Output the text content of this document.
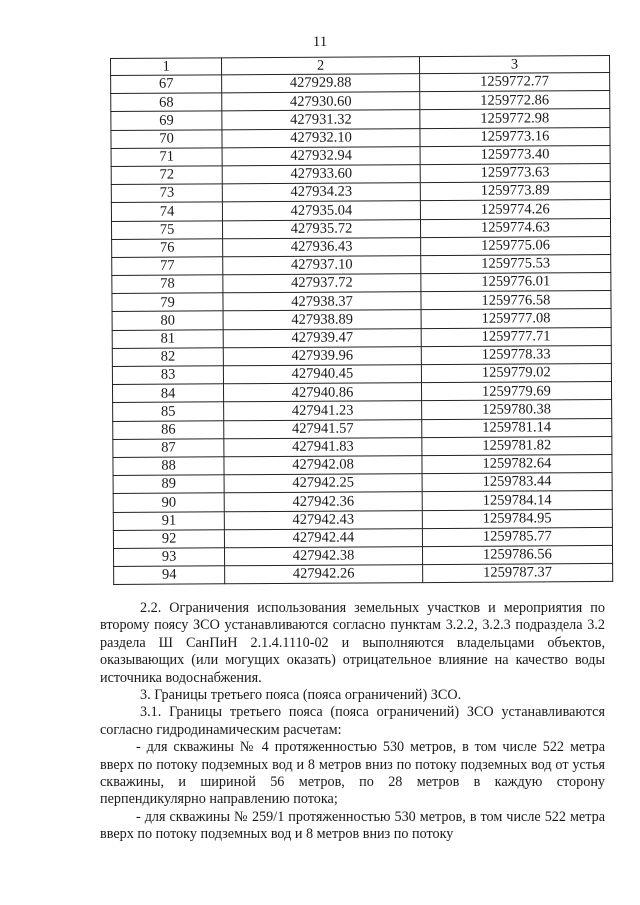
11
1	2	3
67	427929.88	1259772.77
68	427930.60	1259772.86
69	427931.32	1259772.98
70	427932.10	1259773.16
71	427932.94	1259773.40
72	427933.60	1259773.63
73	427934.23	1259773.89
74	427935.04	1259774.26
75	427935.72	1259774.63
76	427936.43	1259775.06
77	427937.10	1259775.53
78	427937.72	1259776.01
79	427938.37	1259776.58
80	427938.89	1259777.08
81	427939.47	1259777.71
82	427939.96	1259778.33
83	427940.45	1259779.02
84	427940.86	1259779.69
85	427941.23	1259780.38
86	427941.57	1259781.14
87	427941.83	1259781.82
88	427942.08	1259782.64
89	427942.25	1259783.44
90	427942.36	1259784.14
91	427942.43	1259784.95
92	427942.44	1259785.77
93	427942.38	1259786.56
94	427942.26	1259787.37

2.2. Ограничения использования земельных участков и мероприятия по второму поясу ЗСО устанавливаются согласно пунктам 3.2.2, 3.2.3 подраздела 3.2 раздела Ш СанПиН 2.1.4.1110-02 и выполняются владельцами объектов, оказывающих (или могущих оказать) отрицательное влияние на качество воды источника водоснабжения.

3. Границы третьего пояса (пояса ограничений) ЗСО.

3.1. Границы третьего пояса (пояса ограничений) ЗСО устанавливаются согласно гидродинамическим расчетам:

- для скважины № 4 протяженностью 530 метров, в том числе 522 метра вверх по потоку подземных вод и 8 метров вниз по потоку подземных вод от устья скважины, и шириной 56 метров, по 28 метров в каждую сторону перпендикулярно направлению потока;

- для скважины № 259/1 протяженностью 530 метров, в том числе 522 метра вверх по потоку подземных вод и 8 метров вниз по потоку
